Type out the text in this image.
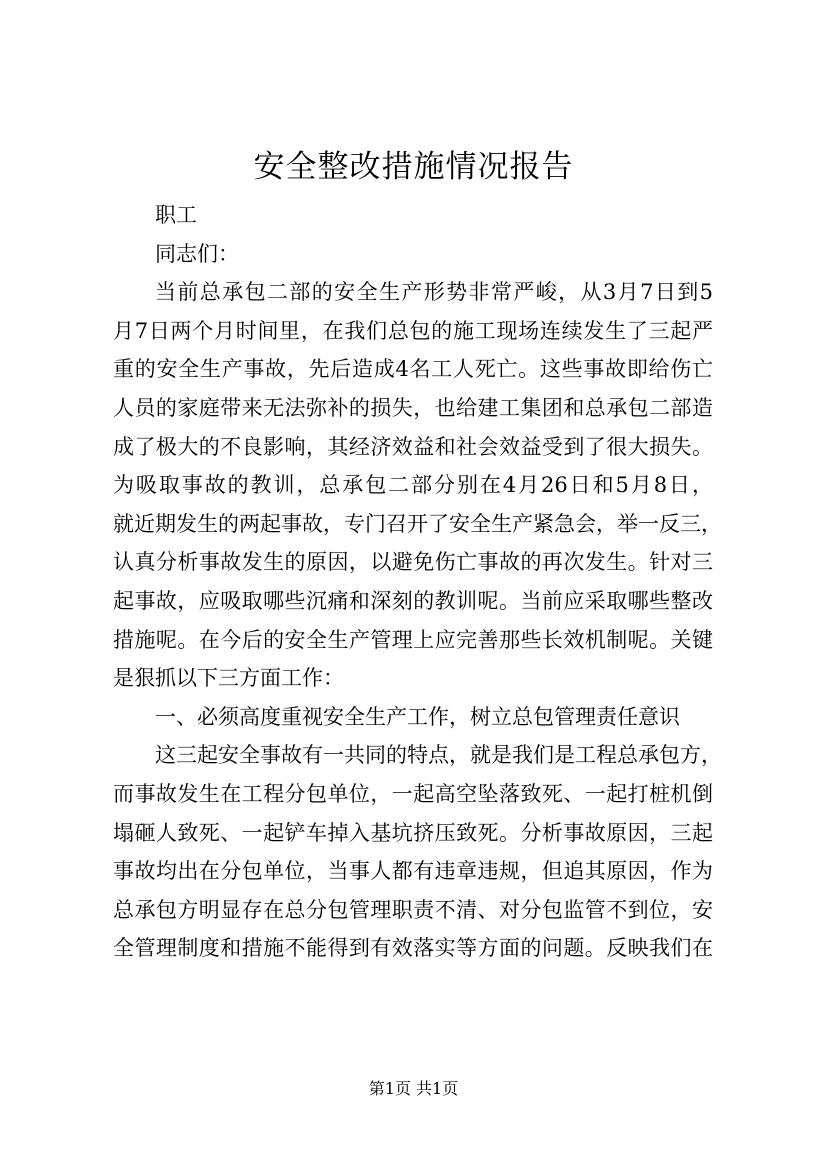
安全整改措施情况报告
职工
同志们：
当前总承包二部的安全生产形势非常严峻，从3月7日到5
月7日两个月时间里，在我们总包的施工现场连续发生了三起严
重的安全生产事故，先后造成4名工人死亡。这些事故即给伤亡
人员的家庭带来无法弥补的损失，也给建工集团和总承包二部造
成了极大的不良影响，其经济效益和社会效益受到了很大损失。
为吸取事故的教训，总承包二部分别在4月26日和5月8日，
就近期发生的两起事故，专门召开了安全生产紧急会，举一反三，
认真分析事故发生的原因，以避免伤亡事故的再次发生。针对三
起事故，应吸取哪些沉痛和深刻的教训呢。当前应采取哪些整改
措施呢。在今后的安全生产管理上应完善那些长效机制呢。关键
是狠抓以下三方面工作：
一、必须高度重视安全生产工作，树立总包管理责任意识
这三起安全事故有一共同的特点，就是我们是工程总承包方，
而事故发生在工程分包单位，一起高空坠落致死、一起打桩机倒
塌砸人致死、一起铲车掉入基坑挤压致死。分析事故原因，三起
事故均出在分包单位，当事人都有违章违规，但追其原因，作为
总承包方明显存在总分包管理职责不清、对分包监管不到位，安
全管理制度和措施不能得到有效落实等方面的问题。反映我们在
第1页 共1页
